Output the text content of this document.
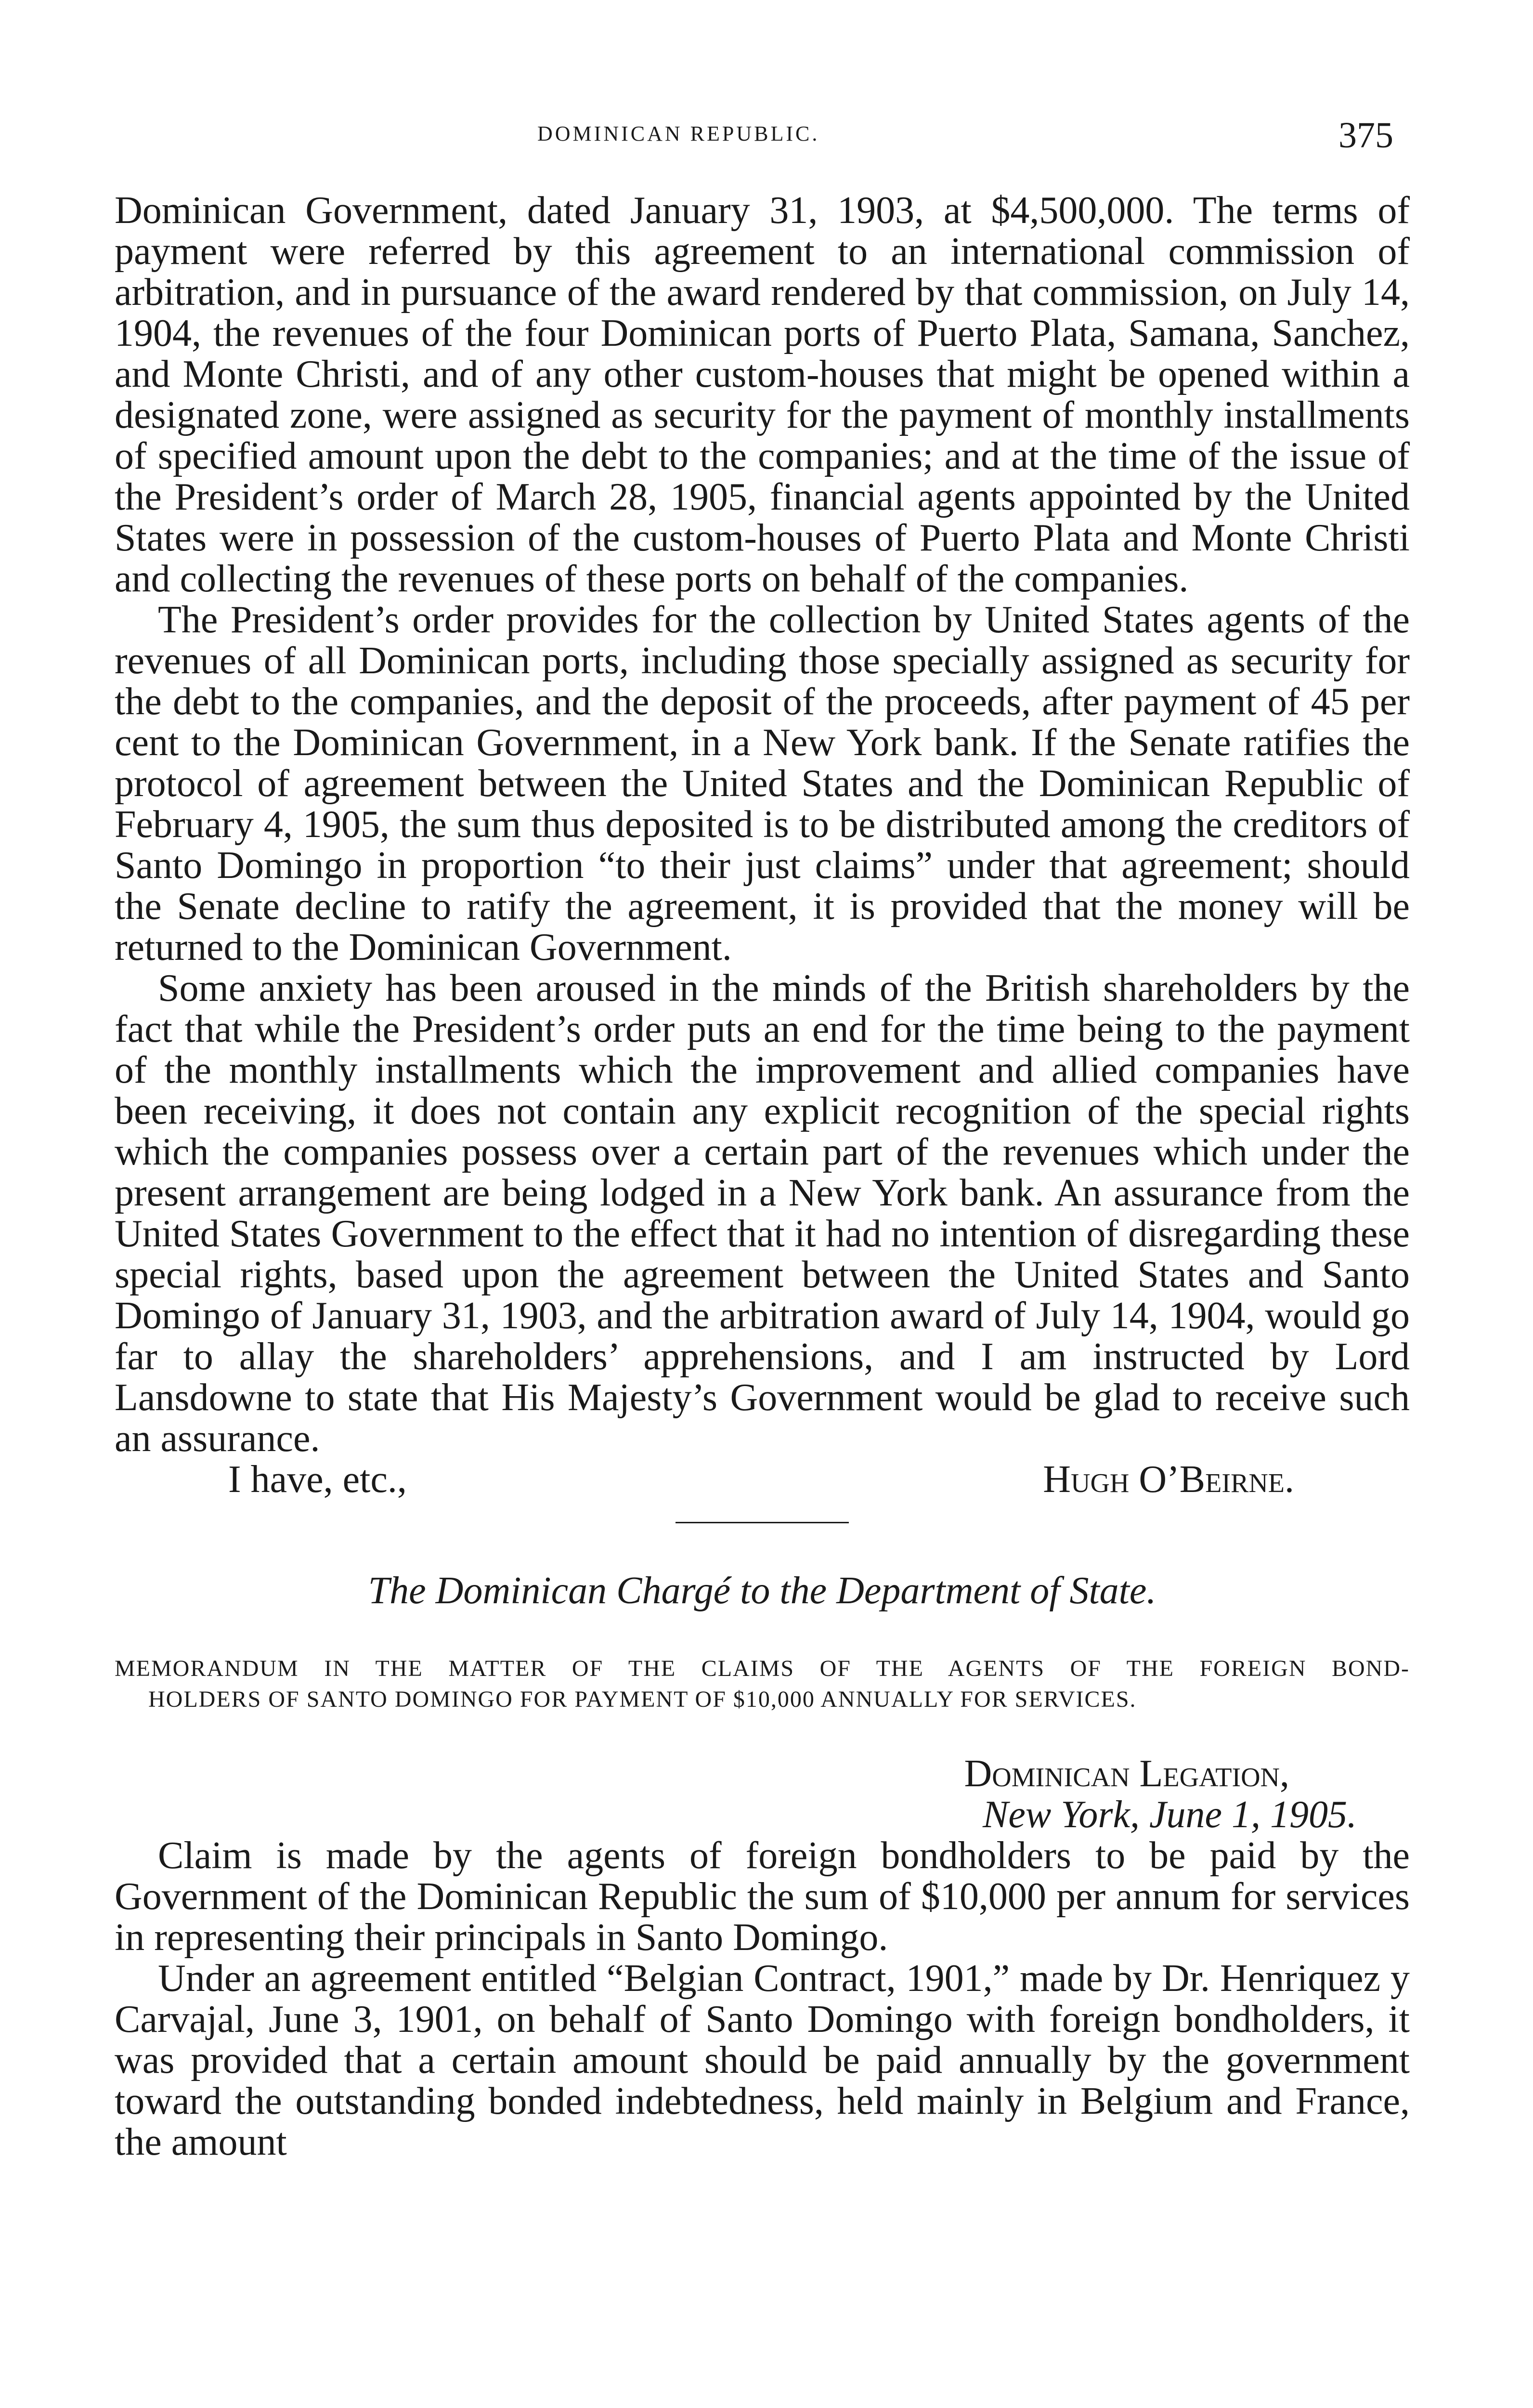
DOMINICAN REPUBLIC.	375

Dominican Government, dated January 31, 1903, at $4,500,000. The terms of payment were referred by this agreement to an international commission of arbitration, and in pursuance of the award rendered by that commission, on July 14, 1904, the revenues of the four Dominican ports of Puerto Plata, Samana, Sanchez, and Monte Christi, and of any other custom-houses that might be opened within a designated zone, were assigned as security for the payment of monthly installments of specified amount upon the debt to the companies; and at the time of the issue of the President’s order of March 28, 1905, financial agents appointed by the United States were in possession of the custom-houses of Puerto Plata and Monte Christi and collecting the revenues of these ports on behalf of the companies.

The President’s order provides for the collection by United States agents of the revenues of all Dominican ports, including those specially assigned as security for the debt to the companies, and the deposit of the proceeds, after payment of 45 per cent to the Dominican Government, in a New York bank. If the Senate ratifies the protocol of agreement between the United States and the Dominican Republic of February 4, 1905, the sum thus deposited is to be distributed among the creditors of Santo Domingo in proportion “to their just claims” under that agreement; should the Senate decline to ratify the agreement, it is provided that the money will be returned to the Dominican Government.

Some anxiety has been aroused in the minds of the British shareholders by the fact that while the President’s order puts an end for the time being to the payment of the monthly installments which the improvement and allied companies have been receiving, it does not contain any explicit recognition of the special rights which the companies possess over a certain part of the revenues which under the present arrangement are being lodged in a New York bank. An assurance from the United States Government to the effect that it had no intention of disregarding these special rights, based upon the agreement between the United States and Santo Domingo of January 31, 1903, and the arbitration award of July 14, 1904, would go far to allay the shareholders’ apprehensions, and I am instructed by Lord Lansdowne to state that His Majesty’s Government would be glad to receive such an assurance.

I have, etc.,	Hugh O’Beirne.
The Dominican Chargé to the Department of State.
MEMORANDUM IN THE MATTER OF THE CLAIMS OF THE AGENTS OF THE FOREIGN BOND-
HOLDERS OF SANTO DOMINGO FOR PAYMENT OF $10,000 ANNUALLY FOR SERVICES.

Dominican Legation,

New York, June 1, 1905.

Claim is made by the agents of foreign bondholders to be paid by the Government of the Dominican Republic the sum of $10,000 per annum for services in representing their principals in Santo Domingo.

Under an agreement entitled “Belgian Contract, 1901,” made by Dr. Henriquez y Carvajal, June 3, 1901, on behalf of Santo Domingo with foreign bondholders, it was provided that a certain amount should be paid annually by the government toward the outstanding bonded indebtedness, held mainly in Belgium and France, the amount
